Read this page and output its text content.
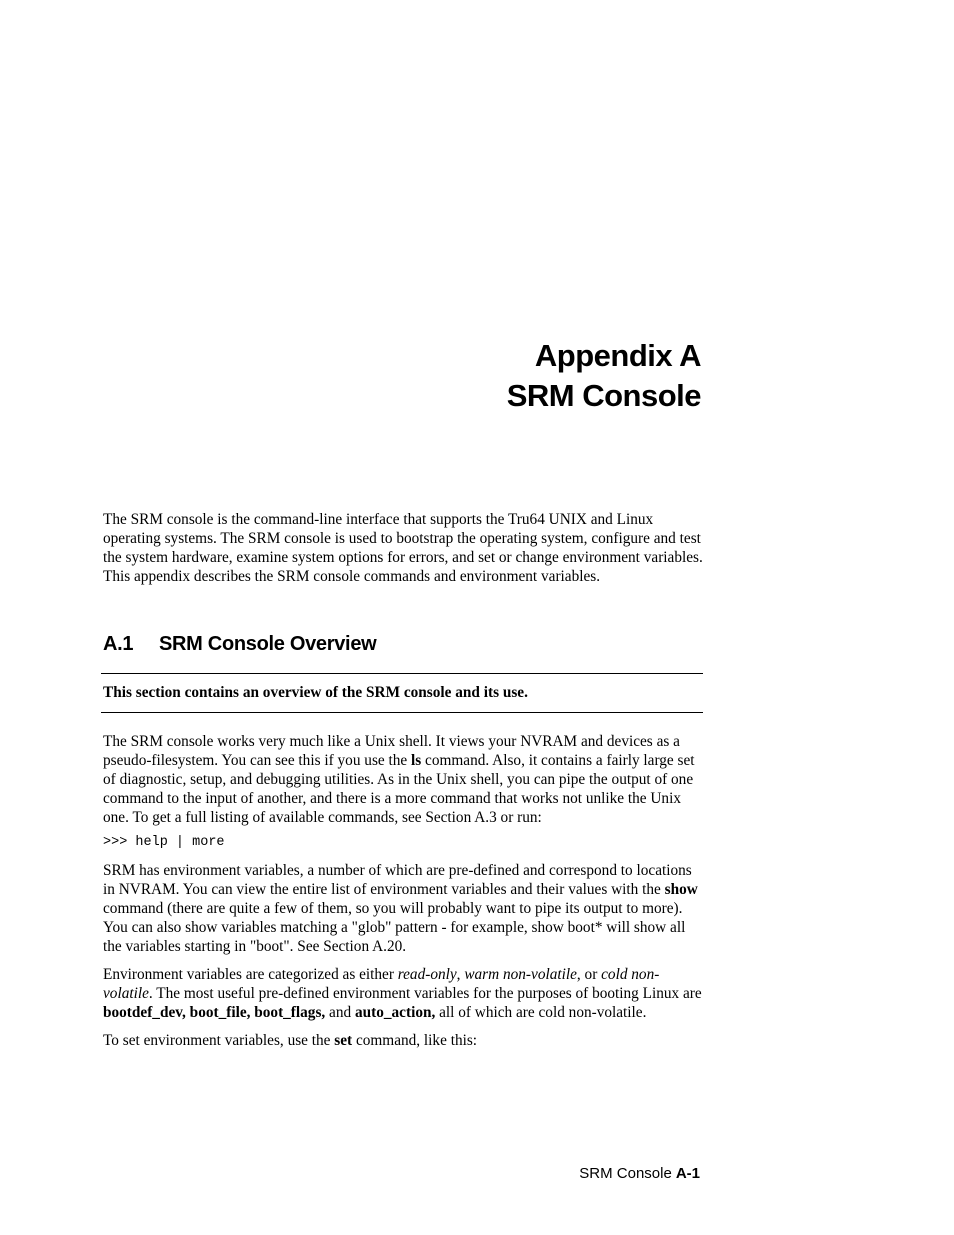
Appendix A
SRM Console

The SRM console is the command-line interface that supports the Tru64 UNIX and Linux operating systems. The SRM console is used to bootstrap the operating system, configure and test the system hardware, examine system options for errors, and set or change environment variables. This appendix describes the SRM console commands and environment variables.

A.1 SRM Console Overview
This section contains an overview of the SRM console and its use.

The SRM console works very much like a Unix shell. It views your NVRAM and devices as a pseudo-filesystem. You can see this if you use the ls command. Also, it contains a fairly large set of diagnostic, setup, and debugging utilities. As in the Unix shell, you can pipe the output of one command to the input of another, and there is a more command that works not unlike the Unix one. To get a full listing of available commands, see Section A.3 or run:

>>> help | more

SRM has environment variables, a number of which are pre-defined and correspond to locations in NVRAM. You can view the entire list of environment variables and their values with the show command (there are quite a few of them, so you will probably want to pipe its output to more). You can also show variables matching a "glob" pattern - for example, show boot* will show all the variables starting in "boot". See Section A.20.

Environment variables are categorized as either read-only, warm non-volatile, or cold non-volatile. The most useful pre-defined environment variables for the purposes of booting Linux are bootdef_dev, boot_file, boot_flags, and auto_action, all of which are cold non-volatile.

To set environment variables, use the set command, like this:

SRM Console A-1
